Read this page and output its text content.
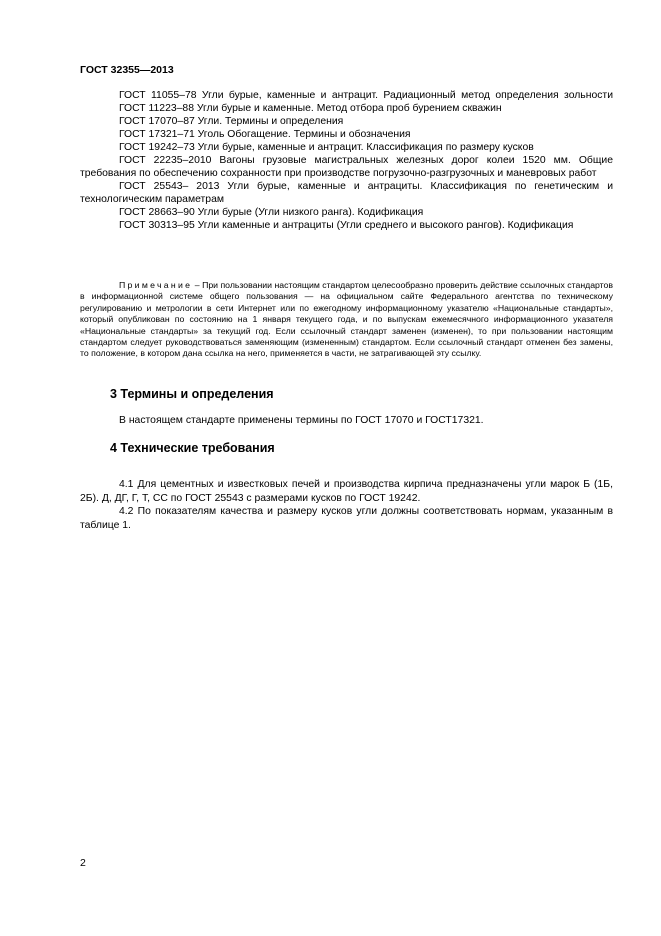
ГОСТ 32355—2013

ГОСТ 11055–78 Угли бурые, каменные и антрацит. Радиационный метод определения зольности

ГОСТ 11223–88 Угли бурые и каменные. Метод отбора проб бурением скважин

ГОСТ 17070–87 Угли. Термины и определения

ГОСТ 17321–71 Уголь Обогащение. Термины и обозначения

ГОСТ 19242–73 Угли бурые, каменные и антрацит. Классификация по размеру кусков

ГОСТ 22235–2010 Вагоны грузовые магистральных железных дорог колеи 1520 мм. Общие требования по обеспечению сохранности при производстве погрузочно-разгрузочных и маневровых работ

ГОСТ 25543– 2013 Угли бурые, каменные и антрациты. Классификация по генетическим и технологическим параметрам

ГОСТ 28663–90 Угли бурые (Угли низкого ранга). Кодификация

ГОСТ 30313–95 Угли каменные и антрациты (Угли среднего и высокого рангов). Кодификация

Примечание – При пользовании настоящим стандартом целесообразно проверить действие ссылочных стандартов в информационной системе общего пользования — на официальном сайте Федерального агентства по техническому регулированию и метрологии в сети Интернет или по ежегодному информационному указателю «Национальные стандарты», который опубликован по состоянию на 1 января текущего года, и по выпускам ежемесячного информационного указателя «Национальные стандарты» за текущий год. Если ссылочный стандарт заменен (изменен), то при пользовании настоящим стандартом следует руководствоваться заменяющим (измененным) стандартом. Если ссылочный стандарт отменен без замены, то положение, в котором дана ссылка на него, применяется в части, не затрагивающей эту ссылку.

3 Термины и определения

В настоящем стандарте применены термины по ГОСТ 17070 и ГОСТ17321.

4 Технические требования

4.1 Для цементных и известковых печей и производства кирпича предназначены угли марок Б (1Б, 2Б). Д, ДГ, Г, Т, СС по ГОСТ 25543 с размерами кусков по ГОСТ 19242.

4.2 По показателям качества и размеру кусков угли должны соответствовать нормам, указанным в таблице 1.

2
